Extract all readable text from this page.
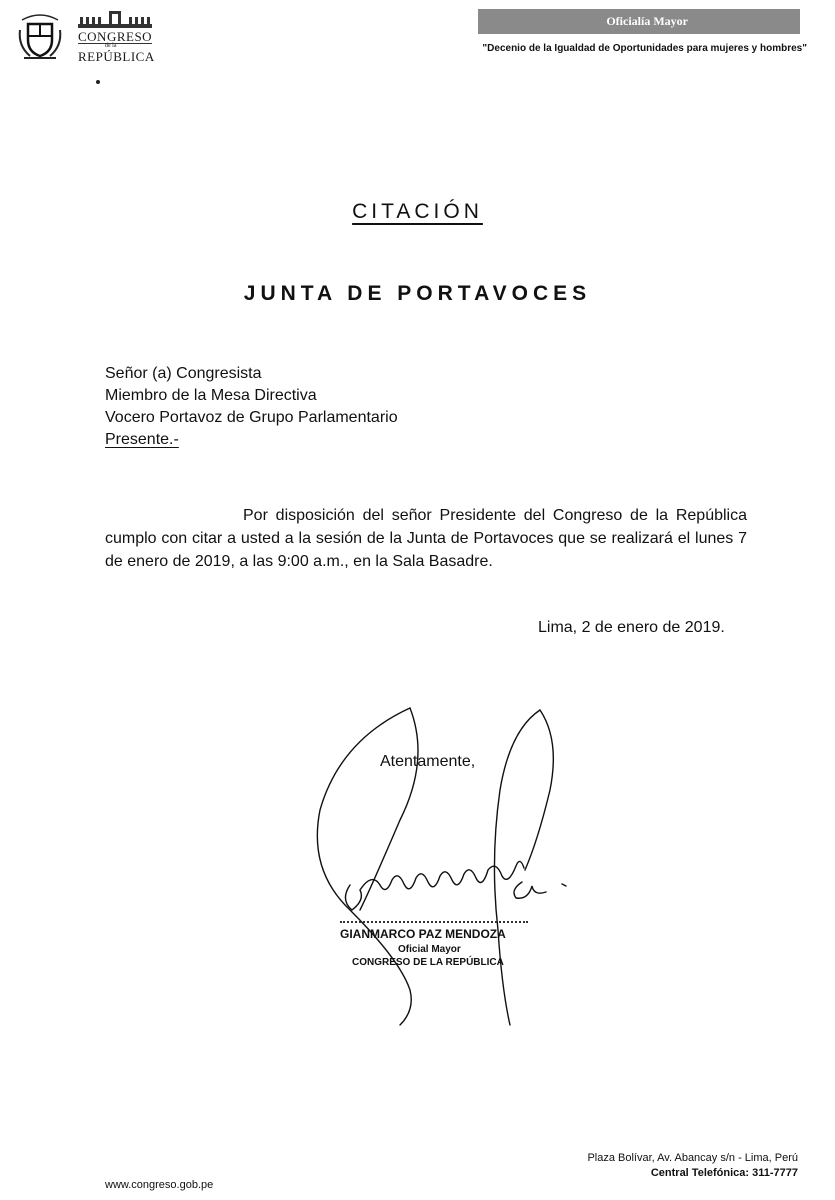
CONGRESO
de la
REPÚBLICA
Oficialía Mayor
"Decenio de la Igualdad de Oportunidades para mujeres y hombres"
CITACIÓN
JUNTA DE PORTAVOCES
Señor (a) Congresista
Miembro de la Mesa Directiva
Vocero Portavoz de Grupo Parlamentario
Presente.-
Por disposición del señor Presidente del Congreso de la República cumplo con citar a usted a la sesión de la Junta de Portavoces que se realizará el lunes 7 de enero de 2019, a las 9:00 a.m., en la Sala Basadre.
Lima, 2 de enero de 2019.
Atentamente,
GIANMARCO PAZ MENDOZA
Oficial Mayor
CONGRESO DE LA REPÚBLICA
www.congreso.gob.pe
Plaza Bolívar, Av. Abancay s/n - Lima, Perú
Central Telefónica: 311-7777
